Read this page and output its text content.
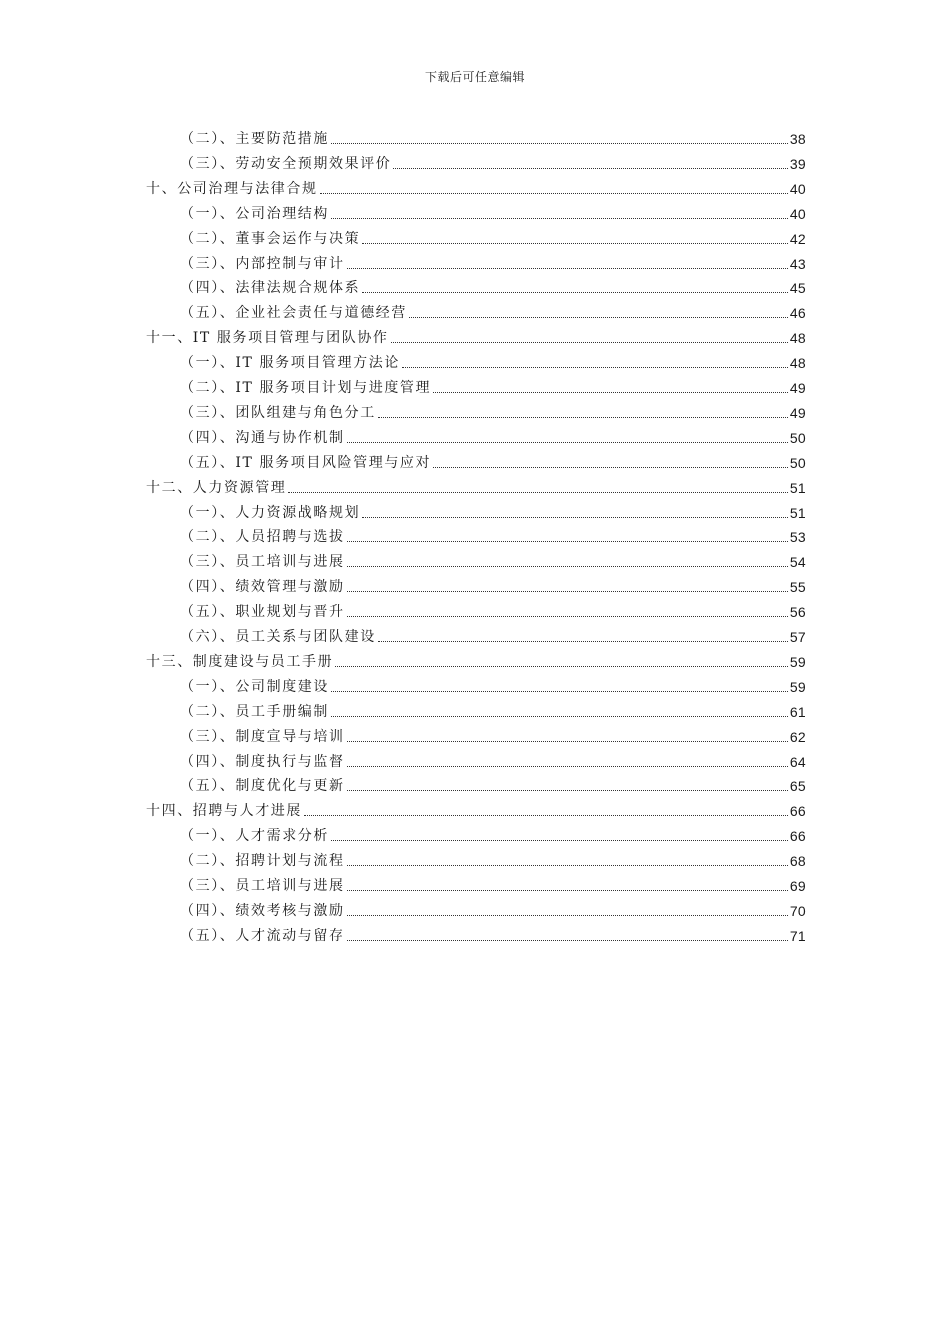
下载后可任意编辑
（二）、主要防范措施	38
（三）、劳动安全预期效果评价	39
十、公司治理与法律合规	40
（一）、公司治理结构	40
（二）、董事会运作与决策	42
（三）、内部控制与审计	43
（四）、法律法规合规体系	45
（五）、企业社会责任与道德经营	46
十一、IT 服务项目管理与团队协作	48
（一）、IT 服务项目管理方法论	48
（二）、IT 服务项目计划与进度管理	49
（三）、团队组建与角色分工	49
（四）、沟通与协作机制	50
（五）、IT 服务项目风险管理与应对	50
十二、人力资源管理	51
（一）、人力资源战略规划	51
（二）、人员招聘与选拔	53
（三）、员工培训与进展	54
（四）、绩效管理与激励	55
（五）、职业规划与晋升	56
（六）、员工关系与团队建设	57
十三、制度建设与员工手册	59
（一）、公司制度建设	59
（二）、员工手册编制	61
（三）、制度宣导与培训	62
（四）、制度执行与监督	64
（五）、制度优化与更新	65
十四、招聘与人才进展	66
（一）、人才需求分析	66
（二）、招聘计划与流程	68
（三）、员工培训与进展	69
（四）、绩效考核与激励	70
（五）、人才流动与留存	71
